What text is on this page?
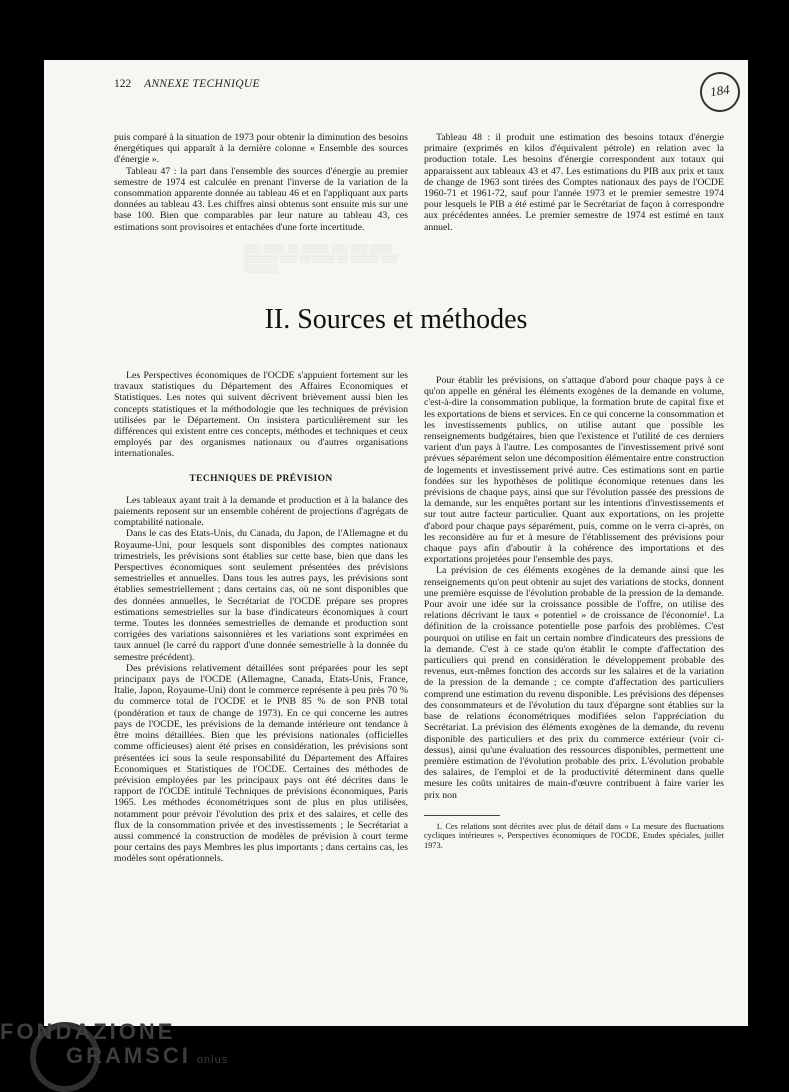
122 ANNEXE TECHNIQUE	184

puis comparé à la situation de 1973 pour obtenir la diminution des besoins énergétiques qui apparaît à la dernière colonne « Ensemble des sources d'énergie ».

Tableau 47 : la part dans l'ensemble des sources d'énergie au premier semestre de 1974 est calculée en prenant l'inverse de la variation de la consommation apparente donnée au tableau 46 et en l'appliquant aux parts données au tableau 43. Les chiffres ainsi obtenus sont ensuite mis sur une base 100. Bien que comparables par leur nature au tableau 43, ces estimations sont provisoires et entachées d'une forte incertitude.

Tableau 48 : il produit une estimation des besoins totaux d'énergie primaire (exprimés en kilos d'équivalent pétrole) en relation avec la production totale. Les besoins d'énergie correspondent aux totaux qui apparaissent aux tableaux 43 et 47. Les estimations du PIB aux prix et taux de change de 1963 sont tirées des Comptes nationaux des pays de l'OCDE 1960-71 et 1961-72, sauf pour l'année 1973 et le premier semestre 1974 pour lesquels le PIB a été estimé par le Secrétariat de façon à correspondre aux précédentes années. Le premier semestre de 1974 est estimé en taux annuel.

▒▒▒ ▒▒▒▒ ▒▒ ▒▒▒▒▒ ▒▒▒ ▒▒▒ ▒▒▒▒ ▒▒▒▒▒▒ ▒▒▒ ▒▒ ▒▒▒▒ ▒▒ ▒▒▒▒▒ ▒▒▒ ▒▒▒▒▒▒
II. Sources et méthodes

Les Perspectives économiques de l'OCDE s'appuient fortement sur les travaux statistiques du Département des Affaires Economiques et Statistiques. Les notes qui suivent décrivent brièvement aussi bien les concepts statistiques et la méthodologie que les techniques de prévision utilisées par le Département. On insistera particulièrement sur les différences qui existent entre ces concepts, méthodes et techniques et ceux employés par des organismes nationaux ou d'autres organisations internationales.

TECHNIQUES DE PRÉVISION

Les tableaux ayant trait à la demande et production et à la balance des paiements reposent sur un ensemble cohérent de projections d'agrégats de comptabilité nationale.

Dans le cas des Etats-Unis, du Canada, du Japon, de l'Allemagne et du Royaume-Uni, pour lesquels sont disponibles des comptes nationaux trimestriels, les prévisions sont établies sur cette base, bien que dans les Perspectives économiques sont seulement présentées des prévisions semestrielles et annuelles. Dans tous les autres pays, les prévisions sont établies semestriellement ; dans certains cas, où ne sont disponibles que des données annuelles, le Secrétariat de l'OCDE prépare ses propres estimations semestrielles sur la base d'indicateurs économiques à court terme. Toutes les données semestrielles de demande et production sont corrigées des variations saisonnières et les variations sont exprimées en taux annuel (le carré du rapport d'une donnée semestrielle à la donnée du semestre précédent).

Des prévisions relativement détaillées sont préparées pour les sept principaux pays de l'OCDE (Allemagne, Canada, Etats-Unis, France, Italie, Japon, Royaume-Uni) dont le commerce représente à peu près 70 % du commerce total de l'OCDE et le PNB 85 % de son PNB total (pondération et taux de change de 1973). En ce qui concerne les autres pays de l'OCDE, les prévisions de la demande intérieure ont tendance à être moins détaillées. Bien que les prévisions nationales (officielles comme officieuses) aient été prises en considération, les prévisions sont présentées ici sous la seule responsabilité du Département des Affaires Economiques et Statistiques de l'OCDE. Certaines des méthodes de prévision employées par les principaux pays ont été décrites dans le rapport de l'OCDE intitulé Techniques de prévisions économiques, Paris 1965. Les méthodes économétriques sont de plus en plus utilisées, notamment pour prévoir l'évolution des prix et des salaires, et celle des flux de la consommation privée et des investissements ; le Secrétariat a aussi commencé la construction de modèles de prévision à court terme pour certains des pays Membres les plus importants ; dans certains cas, les modèles sont opérationnels.

Pour établir les prévisions, on s'attaque d'abord pour chaque pays à ce qu'on appelle en général les éléments exogènes de la demande en volume, c'est-à-dire la consommation publique, la formation brute de capital fixe et les exportations de biens et services. En ce qui concerne la consommation et les investissements publics, on utilise autant que possible les renseignements budgétaires, bien que l'existence et l'utilité de ces derniers varient d'un pays à l'autre. Les composantes de l'investissement privé sont prévues séparément selon une décomposition élémentaire entre construction de logements et investissement privé autre. Ces estimations sont en partie fondées sur les hypothèses de politique économique retenues dans les prévisions de chaque pays, ainsi que sur l'évolution passée des pressions de la demande, sur les enquêtes portant sur les intentions d'investissements et sur tout autre facteur particulier. Quant aux exportations, on les projette d'abord pour chaque pays séparément, puis, comme on le verra ci-après, on les reconsidère au fur et à mesure de l'établissement des prévisions pour chaque pays afin d'aboutir à la cohérence des importations et des exportations projetées pour l'ensemble des pays.

La prévision de ces éléments exogènes de la demande ainsi que les renseignements qu'on peut obtenir au sujet des variations de stocks, donnent une première esquisse de l'évolution probable de la pression de la demande. Pour avoir une idée sur la croissance possible de l'offre, on utilise des relations décrivant le taux « potentiel » de croissance de l'économie¹. La définition de la croissance potentielle pose parfois des problèmes. C'est pourquoi on utilise en fait un certain nombre d'indicateurs des pressions de la demande. C'est à ce stade qu'on établit le compte d'affectation des particuliers qui prend en considération le développement probable des revenus, eux-mêmes fonction des accords sur les salaires et de la variation de la pression de la demande ; ce compte d'affectation des particuliers comprend une estimation du revenu disponible. Les prévisions des dépenses des consommateurs et de l'évolution du taux d'épargne sont établies sur la base de relations économétriques modifiées selon l'appréciation du Secrétariat. La prévision des éléments exogènes de la demande, du revenu disponible des particuliers et des prix du commerce extérieur (voir ci-dessus), ainsi qu'une évaluation des ressources disponibles, permettent une première estimation de l'évolution probable des prix. L'évolution probable des salaires, de l'emploi et de la productivité déterminent dans quelle mesure les coûts unitaires de main-d'œuvre contribuent à faire varier les prix non

1. Ces relations sont décrites avec plus de détail dans « La mesure des fluctuations cycliques intérieures », Perspectives économiques de l'OCDE, Etudes spéciales, juillet 1973.

FONDAZIONE
GRAMSCI onlus
